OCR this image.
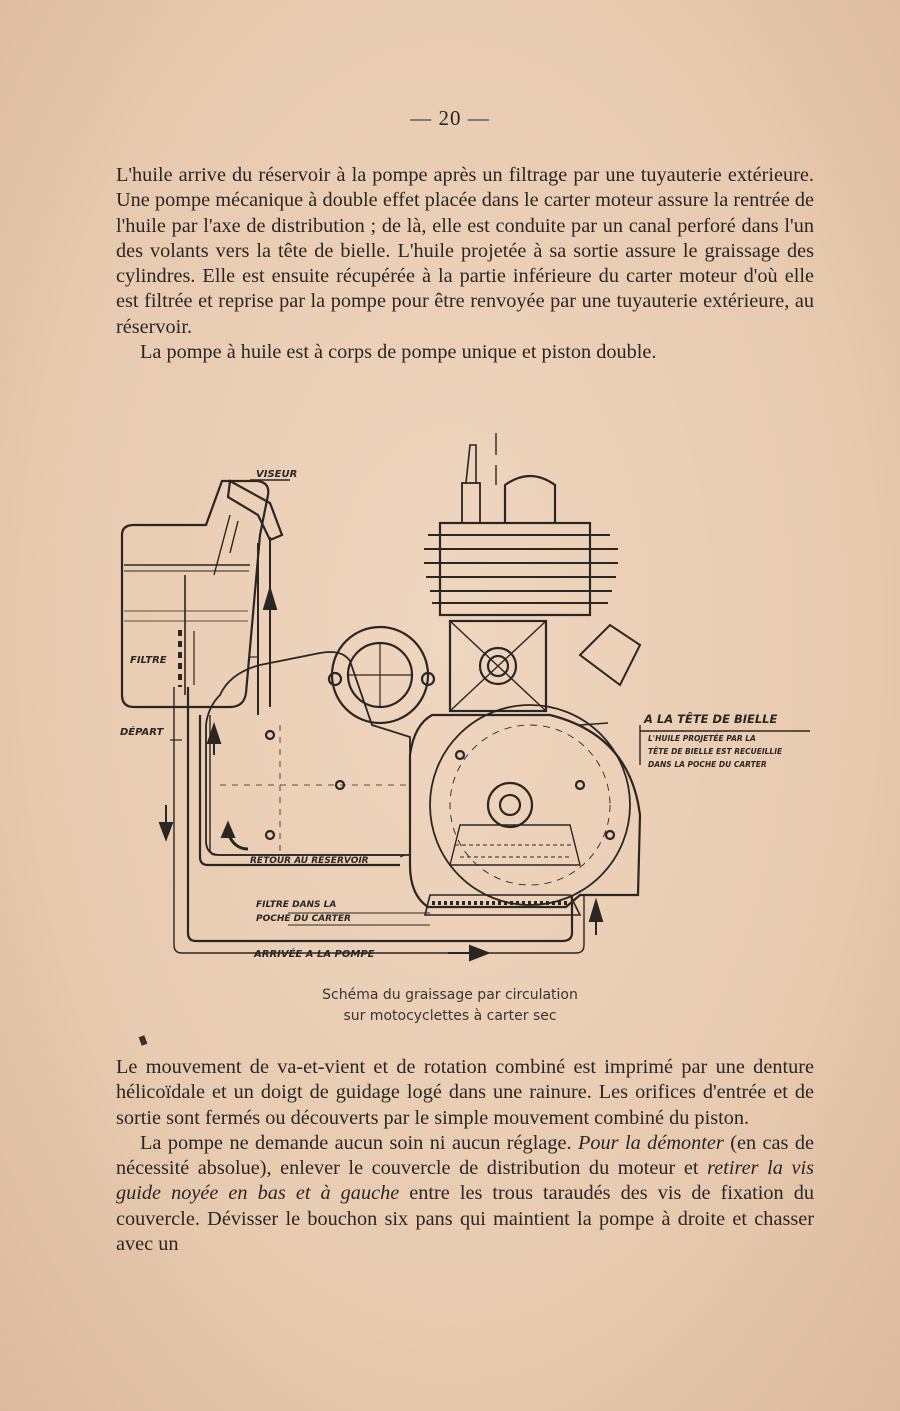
— 20 —

L'huile arrive du réservoir à la pompe après un filtrage par une tuyauterie extérieure. Une pompe mécanique à double effet placée dans le carter moteur assure la rentrée de l'huile par l'axe de distribution ; de là, elle est conduite par un canal perforé dans l'un des volants vers la tête de bielle. L'huile projetée à sa sortie assure le graissage des cylindres. Elle est ensuite récupérée à la partie inférieure du carter moteur d'où elle est filtrée et reprise par la pompe pour être renvoyée par une tuyauterie extérieure, au réservoir.

La pompe à huile est à corps de pompe unique et piston double.

VISEUR
FILTRE
DÉPART
A LA TÊTE DE BIELLE
L'HUILE PROJETÉE PAR LA
TÊTE DE BIELLE EST RECUEILLIE
DANS LA POCHE DU CARTER
RETOUR AU RÉSERVOIR
FILTRE DANS LA
POCHE DU CARTER
ARRIVÉE A LA POMPE
Schéma du graissage par circulation
sur motocyclettes à carter sec

Le mouvement de va-et-vient et de rotation combiné est imprimé par une denture hélicoïdale et un doigt de guidage logé dans une rainure. Les orifices d'entrée et de sortie sont fermés ou découverts par le simple mouvement combiné du piston.

La pompe ne demande aucun soin ni aucun réglage. Pour la démonter (en cas de nécessité absolue), enlever le couvercle de distribution du moteur et retirer la vis guide noyée en bas et à gauche entre les trous taraudés des vis de fixation du couvercle. Dévisser le bouchon six pans qui maintient la pompe à droite et chasser avec un
